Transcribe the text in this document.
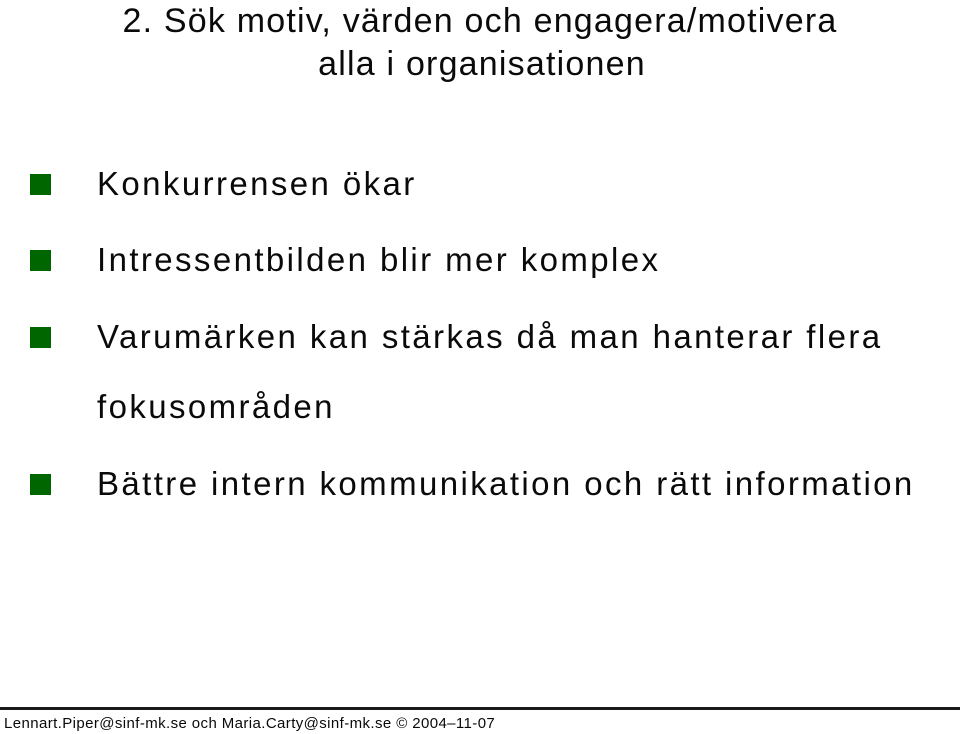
2. Sök motiv, värden och engagera/motivera
alla i organisationen
Konkurrensen ökar
Intressentbilden blir mer komplex
Varumärken kan stärkas då man hanterar flera
fokusområden
Bättre intern kommunikation och rätt information
Lennart.Piper@sinf-mk.se och Maria.Carty@sinf-mk.se © 2004–11-07
